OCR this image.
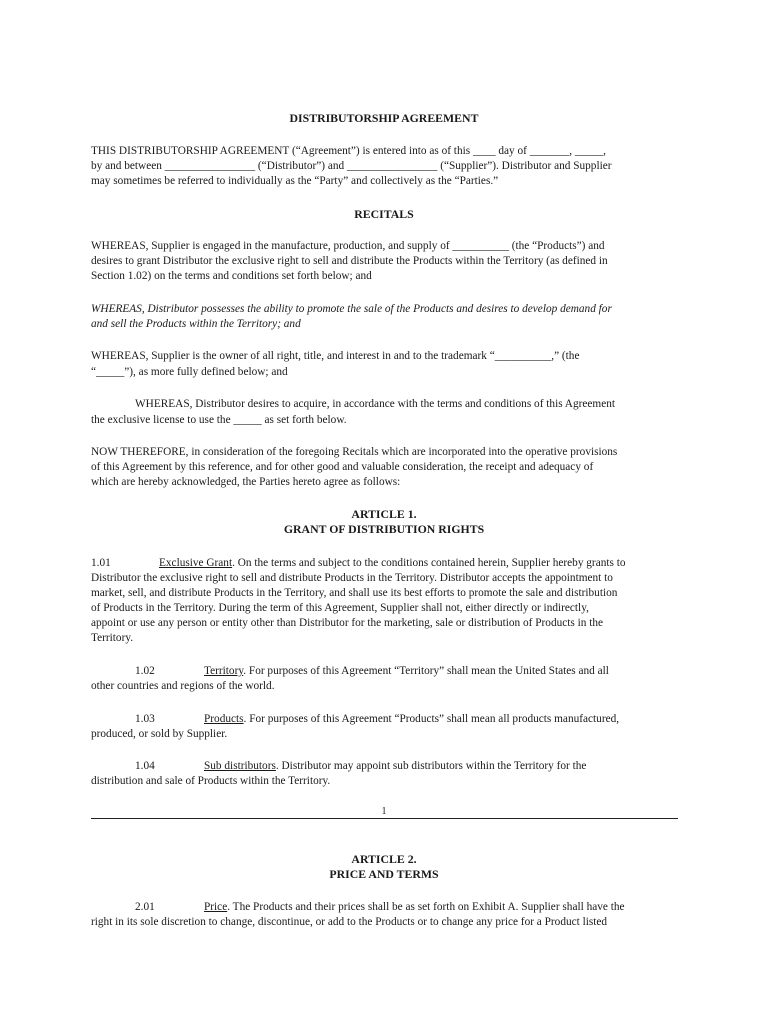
DISTRIBUTORSHIP AGREEMENT
THIS DISTRIBUTORSHIP AGREEMENT (“Agreement”) is entered into as of this ____ day of _______, _____,
by and between ________________ (“Distributor”) and ________________ (“Supplier”). Distributor and Supplier
may sometimes be referred to individually as the “Party” and collectively as the “Parties.”
RECITALS
WHEREAS, Supplier is engaged in the manufacture, production, and supply of __________ (the “Products”) and
desires to grant Distributor the exclusive right to sell and distribute the Products within the Territory (as defined in
Section 1.02) on the terms and conditions set forth below; and
WHEREAS, Distributor possesses the ability to promote the sale of the Products and desires to develop demand for
and sell the Products within the Territory; and
WHEREAS, Supplier is the owner of all right, title, and interest in and to the trademark “__________,” (the
“_____”), as more fully defined below; and
WHEREAS, Distributor desires to acquire, in accordance with the terms and conditions of this Agreement
the exclusive license to use the _____ as set forth below.
NOW THEREFORE, in consideration of the foregoing Recitals which are incorporated into the operative provisions
of this Agreement by this reference, and for other good and valuable consideration, the receipt and adequacy of
which are hereby acknowledged, the Parties hereto agree as follows:
ARTICLE 1.
GRANT OF DISTRIBUTION RIGHTS
1.01	Exclusive Grant. On the terms and subject to the conditions contained herein, Supplier hereby grants to
Distributor the exclusive right to sell and distribute Products in the Territory. Distributor accepts the appointment to
market, sell, and distribute Products in the Territory, and shall use its best efforts to promote the sale and distribution
of Products in the Territory. During the term of this Agreement, Supplier shall not, either directly or indirectly,
appoint or use any person or entity other than Distributor for the marketing, sale or distribution of Products in the
Territory.
1.02	Territory. For purposes of this Agreement “Territory” shall mean the United States and all
other countries and regions of the world.
1.03	Products. For purposes of this Agreement “Products” shall mean all products manufactured,
produced, or sold by Supplier.
1.04	Sub distributors. Distributor may appoint sub distributors within the Territory for the
distribution and sale of Products within the Territory.
1
ARTICLE 2.
PRICE AND TERMS
2.01	Price. The Products and their prices shall be as set forth on Exhibit A. Supplier shall have the
right in its sole discretion to change, discontinue, or add to the Products or to change any price for a Product listed
